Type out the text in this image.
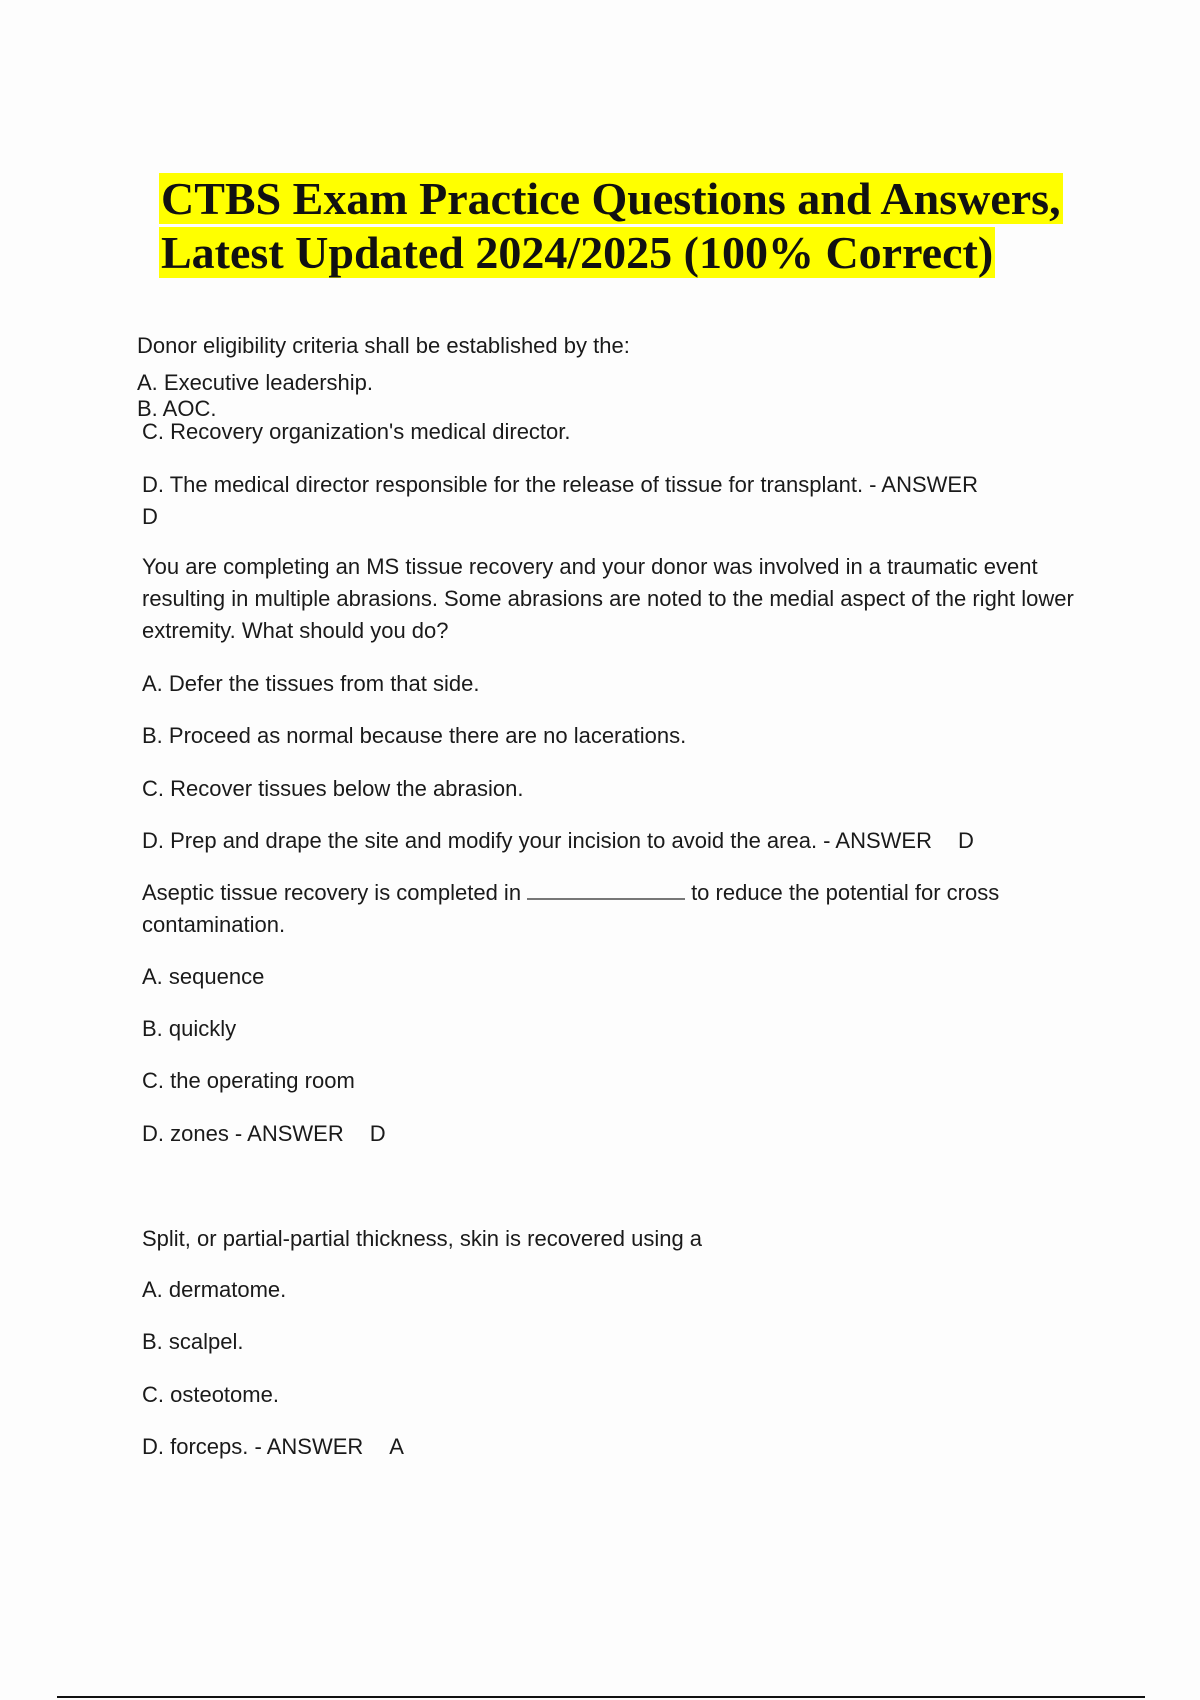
CTBS Exam Practice Questions and Answers,
Latest Updated 2024/2025 (100% Correct)
Donor eligibility criteria shall be established by the:
A. Executive leadership.
B. AOC.
C. Recovery organization's medical director.
D. The medical director responsible for the release of tissue for transplant. - ANSWER
D
You are completing an MS tissue recovery and your donor was involved in a traumatic event resulting in multiple abrasions. Some abrasions are noted to the medial aspect of the right lower extremity. What should you do?
A. Defer the tissues from that side.
B. Proceed as normal because there are no lacerations.
C. Recover tissues below the abrasion.
D. Prep and drape the site and modify your incision to avoid the area. - ANSWER D
Aseptic tissue recovery is completed in	to reduce the potential for cross
contamination.
A. sequence
B. quickly
C. the operating room
D. zones - ANSWER D
Split, or partial-partial thickness, skin is recovered using a
A. dermatome.
B. scalpel.
C. osteotome.
D. forceps. - ANSWER A
